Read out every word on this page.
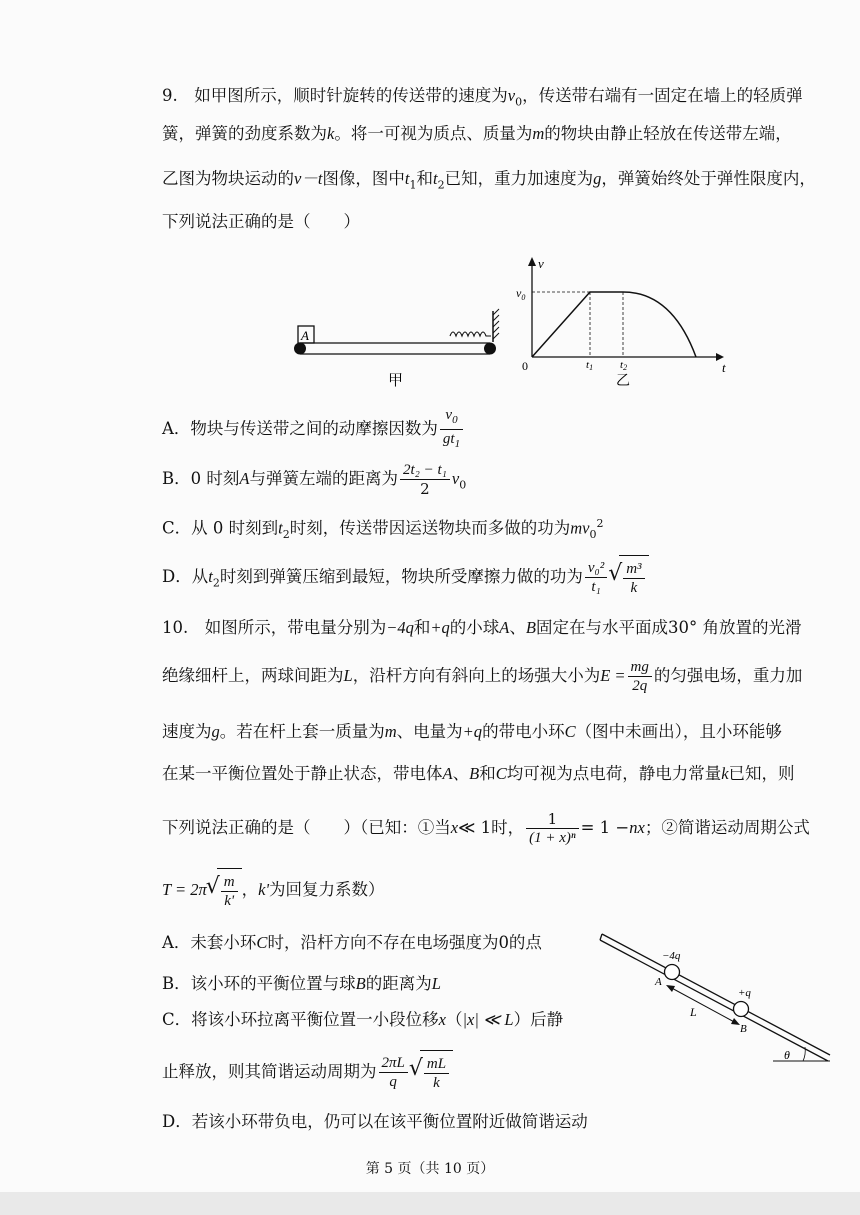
9.　如甲图所示，顺时针旋转的传送带的速度为$v_0$，传送带右端有一固定在墙上的轻质弹
簧，弹簧的劲度系数为k。将一可视为质点、质量为m的物块由静止轻放在传送带左端，
乙图为物块运动的v－t图像，图中$t_1$和$t_2$已知，重力加速度为g，弹簧始终处于弹性限度内，
下列说法正确的是（　　）
A
甲
v
t
0
$v_0$
t1 t2
乙
A．物块与传送带之间的动摩擦因数为 $\frac{v_0}{gt_1}$
B．0 时刻A与弹簧左端的距离为 $\frac{\text{2t₂ − t₁}}{2} v_0$
C．从 0 时刻到$t_2$时刻，传送带因运送物块而多做的功为$mv_0^2$
D．从$t_2$时刻到弹簧压缩到最短，物块所受摩擦力做的功为 $\frac{\text{v₀²}}{\text{t₁}}$ √ $\frac{\text{m³}}{k}$
10.　如图所示，带电量分别为−4q和+q的小球A、B固定在与水平面成30° 角放置的光滑
绝缘细杆上，两球间距为L，沿杆方向有斜向上的场强大小为$E = \frac{mg}{2q}$ 的匀强电场，重力加
速度为g。若在杆上套一质量为m、电量为+q的带电小环C（图中未画出），且小环能够
在某一平衡位置处于静止状态，带电体A、B和C均可视为点电荷，静电力常量k已知，则
下列说法正确的是（　　）（已知：①当x≪ 1时， $\frac{1}{\text{(1 + x)ⁿ}} = 1 -nx$；②简谐运动周期公式
T = 2π √ $\frac{m}{k'}$ ，k'为回复力系数）
A．未套小环C时，沿杆方向不存在电场强度为0的点
B．该小环的平衡位置与球B的距离为L
C．将该小环拉离平衡位置一小段位移x（|x| ≪ L）后静
止释放，则其简谐运动周期为 $\frac{2\pi L}{q}$ √ $\frac{mL}{k}$
D．若该小环带负电，仍可以在该平衡位置附近做简谐运动
θ
−4q
+q
A
B
L
第 5 页（共 10 页）
